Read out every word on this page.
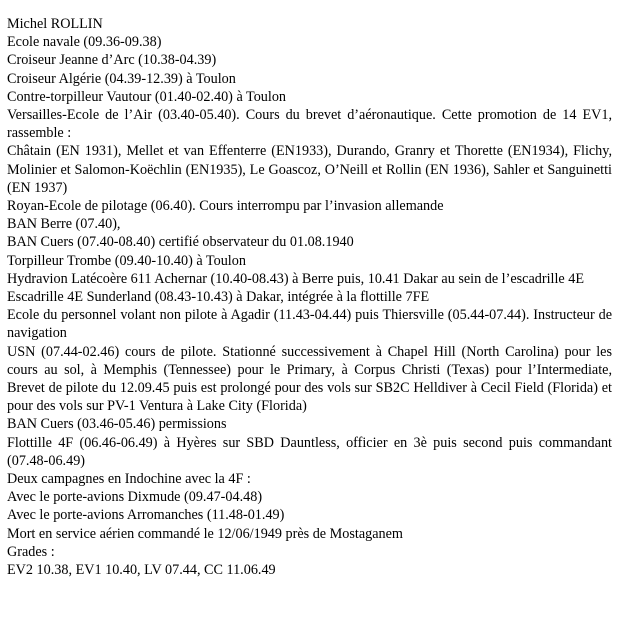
Michel ROLLIN

Ecole navale (09.36-09.38)

Croiseur Jeanne d’Arc (10.38-04.39)

Croiseur Algérie (04.39-12.39) à Toulon

Contre-torpilleur Vautour (01.40-02.40) à Toulon

Versailles-Ecole de l’Air (03.40-05.40). Cours du brevet d’aéronautique. Cette promotion de 14 EV1, rassemble :

Châtain (EN 1931), Mellet et van Effenterre (EN1933), Durando, Granry et Thorette (EN1934), Flichy, Molinier et Salomon-Koëchlin (EN1935), Le Goascoz, O’Neill et Rollin (EN 1936), Sahler et Sanguinetti (EN 1937)

Royan-Ecole de pilotage (06.40). Cours interrompu par l’invasion allemande

BAN Berre (07.40),

BAN Cuers (07.40-08.40) certifié observateur du 01.08.1940

Torpilleur Trombe (09.40-10.40) à Toulon

Hydravion Latécoère 611 Achernar (10.40-08.43) à Berre puis, 10.41 Dakar au sein de l’escadrille 4E

Escadrille 4E Sunderland (08.43-10.43) à Dakar, intégrée à la flottille 7FE

Ecole du personnel volant non pilote à Agadir (11.43-04.44) puis Thiersville (05.44-07.44). Instructeur de navigation

USN (07.44-02.46) cours de pilote. Stationné successivement à Chapel Hill (North Carolina) pour les cours au sol, à Memphis (Tennessee) pour le Primary, à Corpus Christi (Texas) pour l’Intermediate, Brevet de pilote du 12.09.45 puis est prolongé pour des vols sur SB2C Helldiver à Cecil Field (Florida) et pour des vols sur PV-1 Ventura à Lake City (Florida)

BAN Cuers (03.46-05.46) permissions

Flottille 4F (06.46-06.49) à Hyères sur SBD Dauntless, officier en 3è puis second puis commandant (07.48-06.49)

Deux campagnes en Indochine avec la 4F :

Avec le porte-avions Dixmude (09.47-04.48)

Avec le porte-avions Arromanches (11.48-01.49)

Mort en service aérien commandé le 12/06/1949 près de Mostaganem

Grades :

EV2 10.38, EV1 10.40, LV 07.44, CC 11.06.49
